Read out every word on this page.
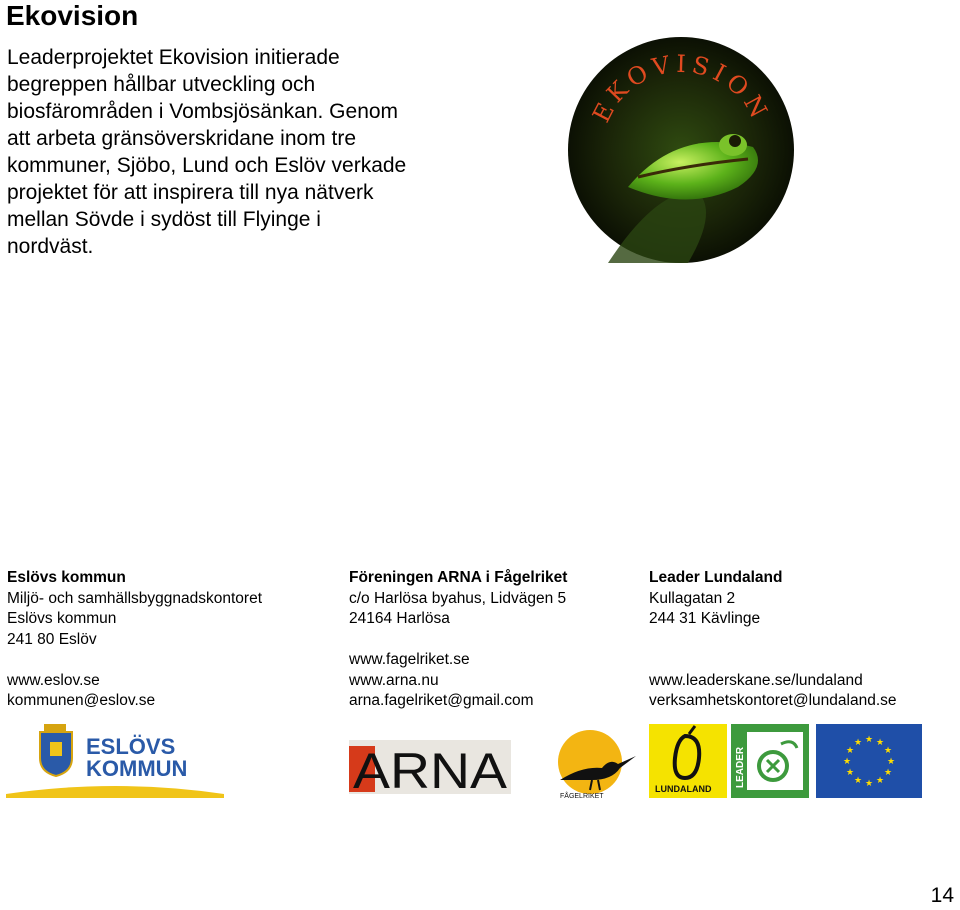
Ekovision

Leaderprojektet Ekovision initierade begreppen hållbar utveckling och biosfärområden i Vombsjösänkan. Genom att arbeta gränsöverskridane inom tre kommuner, Sjöbo, Lund och Eslöv verkade projektet för att inspirera till nya nätverk mellan Sövde i sydöst till Flyinge i nordväst.

EKOVISION
Eslövs kommun
Miljö- och samhällsbyggnadskontoret
Eslövs kommun
241 80 Eslöv
www.eslov.se
kommunen@eslov.se
Föreningen ARNA i Fågelriket
c/o Harlösa byahus, Lidvägen 5
24164 Harlösa
www.fagelriket.se
www.arna.nu
arna.fagelriket@gmail.com
Leader Lundaland
Kullagatan 2
244 31 Kävlinge
www.leaderskane.se/lundaland
verksamhetskontoret@lundaland.se
ESLÖVS
KOMMUN	ARNA	FÅGELRIKET
LUNDALAND
LEADER
★ ★
★
★
★
★
★
★
★
★
★
★
14
